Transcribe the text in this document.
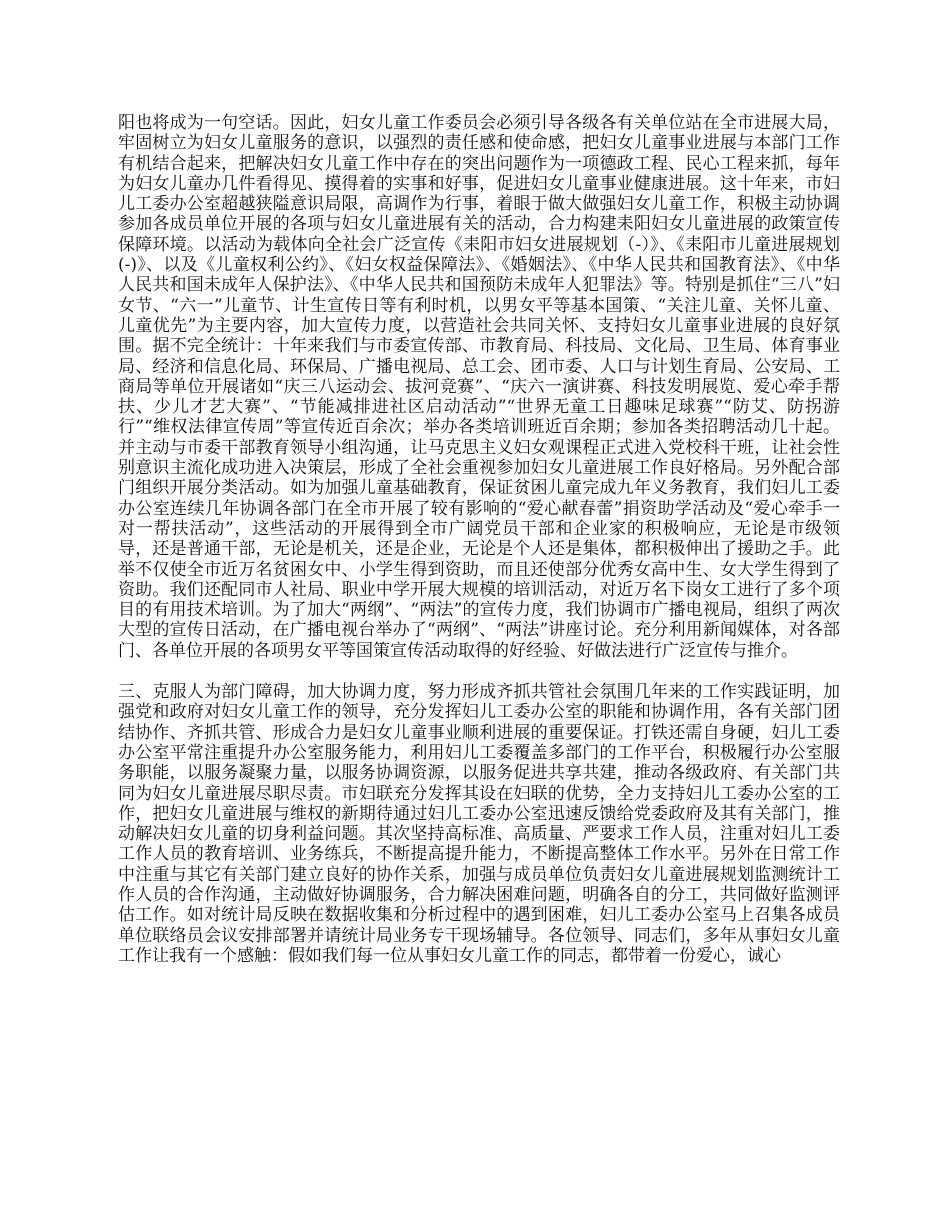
阳也将成为一句空话。因此，妇女儿童工作委员会必须引导各级各有关单位站在全市进展大局，牢固树立为妇女儿童服务的意识，以强烈的责任感和使命感，把妇女儿童事业进展与本部门工作有机结合起来，把解决妇女儿童工作中存在的突出问题作为一项德政工程、民心工程来抓，每年为妇女儿童办几件看得见、摸得着的实事和好事，促进妇女儿童事业健康进展。这十年来，市妇儿工委办公室超越狭隘意识局限，高调作为行事，着眼于做大做强妇女儿童工作，积极主动协调参加各成员单位开展的各项与妇女儿童进展有关的活动，合力构建耒阳妇女儿童进展的政策宣传保障环境。以活动为载体向全社会广泛宣传《耒阳市妇女进展规划（-）》、《耒阳市儿童进展规划(-)》、以及《儿童权利公约》、《妇女权益保障法》、《婚姻法》、《中华人民共和国教育法》、《中华人民共和国未成年人保护法》、《中华人民共和国预防未成年人犯罪法》等。特别是抓住“三八”妇女节、“六一”儿童节、计生宣传日等有利时机，以男女平等基本国策、“关注儿童、关怀儿童、儿童优先”为主要内容，加大宣传力度，以营造社会共同关怀、支持妇女儿童事业进展的良好氛围。据不完全统计：十年来我们与市委宣传部、市教育局、科技局、文化局、卫生局、体育事业局、经济和信息化局、环保局、广播电视局、总工会、团市委、人口与计划生育局、公安局、工商局等单位开展诸如“庆三八运动会、拔河竞赛”、“庆六一演讲赛、科技发明展览、爱心牵手帮扶、少儿才艺大赛”、“节能减排进社区启动活动”“世界无童工日趣味足球赛”“防艾、防拐游行”“维权法律宣传周”等宣传近百余次；举办各类培训班近百余期；参加各类招聘活动几十起。并主动与市委干部教育领导小组沟通，让马克思主义妇女观课程正式进入党校科干班，让社会性别意识主流化成功进入决策层，形成了全社会重视参加妇女儿童进展工作良好格局。另外配合部门组织开展分类活动。如为加强儿童基础教育，保证贫困儿童完成九年义务教育，我们妇儿工委办公室连续几年协调各部门在全市开展了较有影响的“爱心献春蕾”捐资助学活动及“爱心牵手一对一帮扶活动”，这些活动的开展得到全市广阔党员干部和企业家的积极响应，无论是市级领导，还是普通干部，无论是机关，还是企业，无论是个人还是集体，都积极伸出了援助之手。此举不仅使全市近万名贫困女中、小学生得到资助，而且还使部分优秀女高中生、女大学生得到了资助。我们还配同市人社局、职业中学开展大规模的培训活动，对近万名下岗女工进行了多个项目的有用技术培训。为了加大“两纲”、“两法”的宣传力度，我们协调市广播电视局，组织了两次大型的宣传日活动，在广播电视台举办了“两纲”、“两法”讲座讨论。充分利用新闻媒体，对各部门、各单位开展的各项男女平等国策宣传活动取得的好经验、好做法进行广泛宣传与推介。

三、克服人为部门障碍，加大协调力度，努力形成齐抓共管社会氛围几年来的工作实践证明，加强党和政府对妇女儿童工作的领导，充分发挥妇儿工委办公室的职能和协调作用，各有关部门团结协作、齐抓共管、形成合力是妇女儿童事业顺利进展的重要保证。打铁还需自身硬，妇儿工委办公室平常注重提升办公室服务能力，利用妇儿工委覆盖多部门的工作平台，积极履行办公室服务职能，以服务凝聚力量，以服务协调资源，以服务促进共享共建，推动各级政府、有关部门共同为妇女儿童进展尽职尽责。市妇联充分发挥其设在妇联的优势，全力支持妇儿工委办公室的工作，把妇女儿童进展与维权的新期待通过妇儿工委办公室迅速反馈给党委政府及其有关部门，推动解决妇女儿童的切身利益问题。其次坚持高标准、高质量、严要求工作人员，注重对妇儿工委工作人员的教育培训、业务练兵，不断提高提升能力，不断提高整体工作水平。另外在日常工作中注重与其它有关部门建立良好的协作关系，加强与成员单位负责妇女儿童进展规划监测统计工作人员的合作沟通，主动做好协调服务，合力解决困难问题，明确各自的分工，共同做好监测评估工作。如对统计局反映在数据收集和分析过程中的遇到困难，妇儿工委办公室马上召集各成员单位联络员会议安排部署并请统计局业务专干现场辅导。各位领导、同志们，多年从事妇女儿童工作让我有一个感触：假如我们每一位从事妇女儿童工作的同志，都带着一份爱心，诚心
